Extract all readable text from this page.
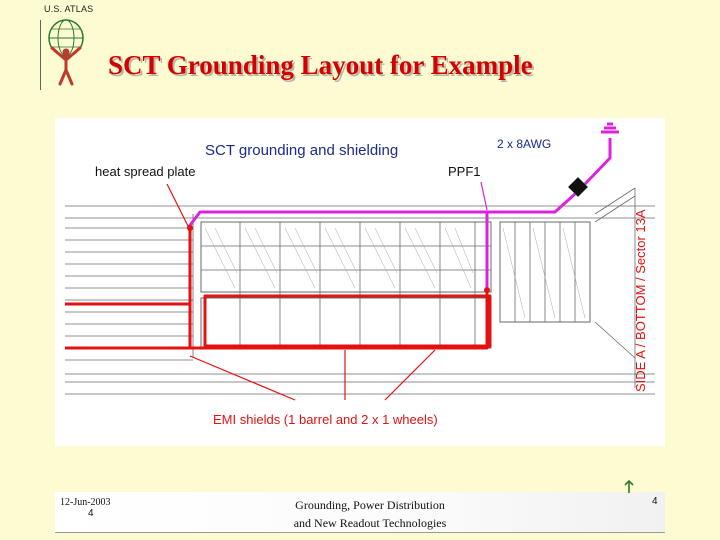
U.S. ATLAS
SCT Grounding Layout for Example
SCT grounding and shielding
heat spread plate
2 x 8AWG
PPF1
EMI shields (1 barrel and 2 x 1 wheels)
SIDE A / BOTTOM / Sector 13A
12-Jun-2003
4
Grounding, Power Distribution
and New Readout Technologies
4
